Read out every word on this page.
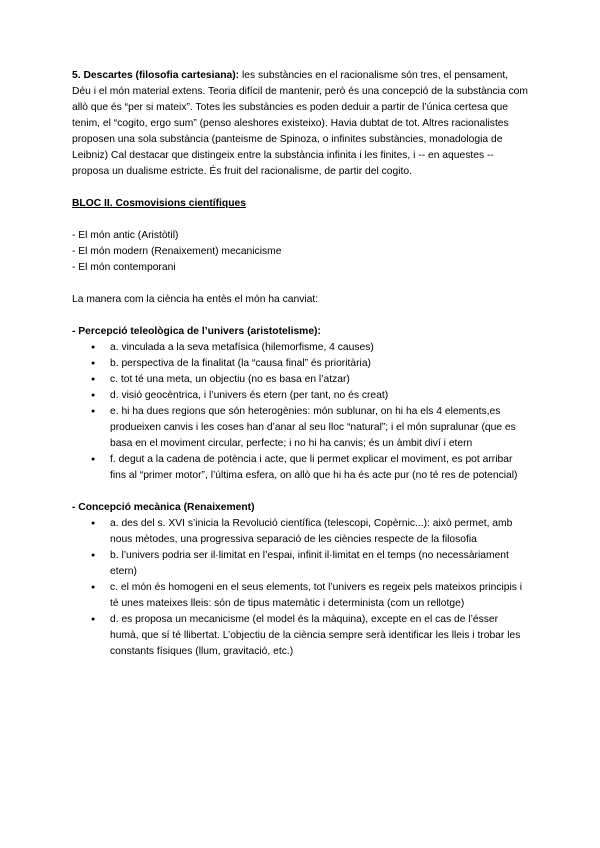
5. Descartes (filosofia cartesiana): les substàncies en el racionalisme són tres, el pensament, Déu i el món material extens. Teoria difícil de mantenir, però és una concepció de la substància com allò que és “per si mateix”. Totes les substàncies es poden deduir a partir de l’única certesa que tenim, el “cogito, ergo sum” (penso aleshores existeixo). Havia dubtat de tot. Altres racionalistes proposen una sola substància (panteisme de Spinoza, o infinites substàncies, monadologia de Leibniz) Cal destacar que distingeix entre la substància infinita i les finites, i -- en aquestes -- proposa un dualisme estricte. És fruit del racionalisme, de partir del cogito.

BLOC II. Cosmovisions científiques

- El món antic (Aristòtil)

- El món modern (Renaixement) mecanicisme

- El món contemporani

La manera com la ciència ha entès el món ha canviat:

- Percepció teleològica de l’univers (aristotelisme):

● a. vinculada a la seva metafísica (hilemorfisme, 4 causes)
● b. perspectiva de la finalitat (la “causa final” és prioritària)
● c. tot té una meta, un objectiu (no es basa en l’atzar)
● d. visió geocèntrica, i l’univers és etern (per tant, no és creat)
● e. hi ha dues regions que són heterogènies: món sublunar, on hi ha els 4 elements,es produeixen canvis i les coses han d’anar al seu lloc “natural”; i el món supralunar (que es basa en el moviment circular, perfecte; i no hi ha canvis; és un àmbit diví i etern
● f. degut a la cadena de potència i acte, que li permet explicar el moviment, es pot arribar fins al “primer motor”, l’última esfera, on allò que hi ha és acte pur (no té res de potencial)

- Concepció mecànica (Renaixement)

● a. des del s. XVI s’inicia la Revolució científica (telescopi, Copèrnic...): això permet, amb nous mètodes, una progressiva separació de les ciències respecte de la filosofia
● b. l’univers podria ser il·limitat en l’espai, infinit il·limitat en el temps (no necessàriament etern)
● c. el món és homogeni en el seus elements, tot l’univers es regeix pels mateixos principis i té unes mateixes lleis: són de tipus matemàtic i determinista (com un rellotge)
● d. es proposa un mecanicisme (el model és la màquina), excepte en el cas de l’ésser humà, que sí té llibertat. L’objectiu de la ciència sempre serà identificar les lleis i trobar les constants físiques (llum, gravitació, etc.)
